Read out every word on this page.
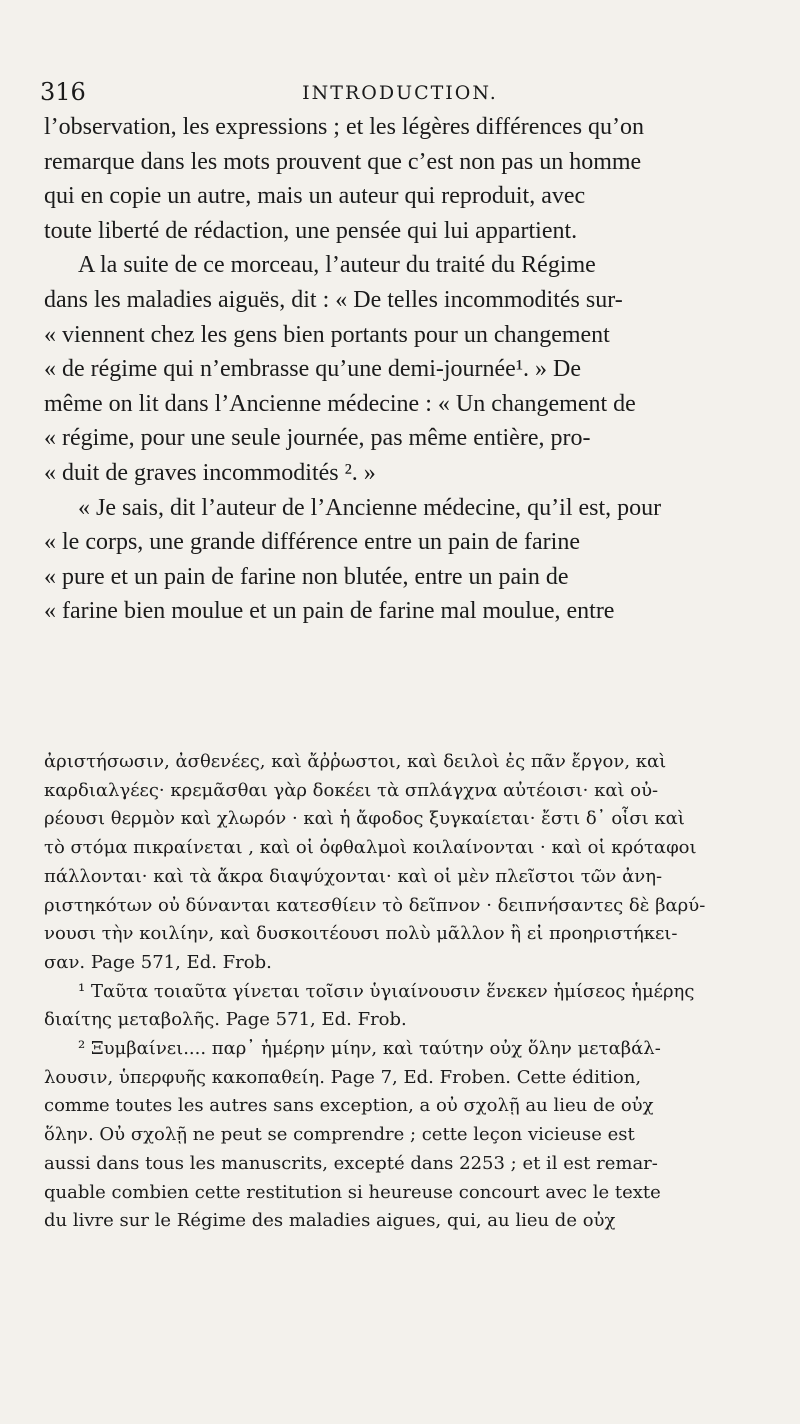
316	INTRODUCTION.

l’observation, les expressions ; et les légères différences qu’on
remarque dans les mots prouvent que c’est non pas un homme
qui en copie un autre, mais un auteur qui reproduit, avec
toute liberté de rédaction, une pensée qui lui appartient.

A la suite de ce morceau, l’auteur du traité du Régime
dans les maladies aiguës, dit : « De telles incommodités sur-
« viennent chez les gens bien portants pour un changement
« de régime qui n’embrasse qu’une demi-journée¹. » De
même on lit dans l’Ancienne médecine : « Un changement de
« régime, pour une seule journée, pas même entière, pro-
« duit de graves incommodités ². »

« Je sais, dit l’auteur de l’Ancienne médecine, qu’il est, pour
« le corps, une grande différence entre un pain de farine
« pure et un pain de farine non blutée, entre un pain de
« farine bien moulue et un pain de farine mal moulue, entre

ἀριστήσωσιν, ἀσθενέες, καὶ ἄῤῥωστοι, καὶ δειλοὶ ἐς πᾶν ἔργον, καὶ
καρδιαλγέες· κρεμᾶσθαι γὰρ δοκέει τὰ σπλάγχνα αὐτέοισι· καὶ οὐ-
ρέουσι θερμὸν καὶ χλωρόν · καὶ ἡ ἄφοδος ξυγκαίεται· ἔστι δ᾽ οἷσι καὶ
τὸ στόμα πικραίνεται , καὶ οἱ ὀφθαλμοὶ κοιλαίνονται · καὶ οἱ κρόταφοι
πάλλονται· καὶ τὰ ἄκρα διαψύχονται· καὶ οἱ μὲν πλεῖστοι τῶν ἀνη-
ριστηκότων οὐ δύνανται κατεσθίειν τὸ δεῖπνον · δειπνήσαντες δὲ βαρύ-
νουσι τὴν κοιλίην, καὶ δυσκοιτέουσι πολὺ μᾶλλον ἢ εἰ προηριστήκει-
σαν. Page 571, Ed. Frob.
¹ Ταῦτα τοιαῦτα γίνεται τοῖσιν ὑγιαίνουσιν ἕνεκεν ἡμίσεος ἡμέρης
διαίτης μεταβολῆς. Page 571, Ed. Frob.
² Ξυμβαίνει.... παρ᾽ ἡμέρην μίην, καὶ ταύτην οὐχ ὅλην μεταβάλ-
λουσιν, ὑπερφυῆς κακοπαθείη. Page 7, Ed. Froben. Cette édition,
comme toutes les autres sans exception, a οὐ σχολῇ au lieu de οὐχ
ὅλην. Οὐ σχολῇ ne peut se comprendre ; cette leçon vicieuse est
aussi dans tous les manuscrits, excepté dans 2253 ; et il est remar-
quable combien cette restitution si heureuse concourt avec le texte
du livre sur le Régime des maladies aigues, qui, au lieu de οὐχ
